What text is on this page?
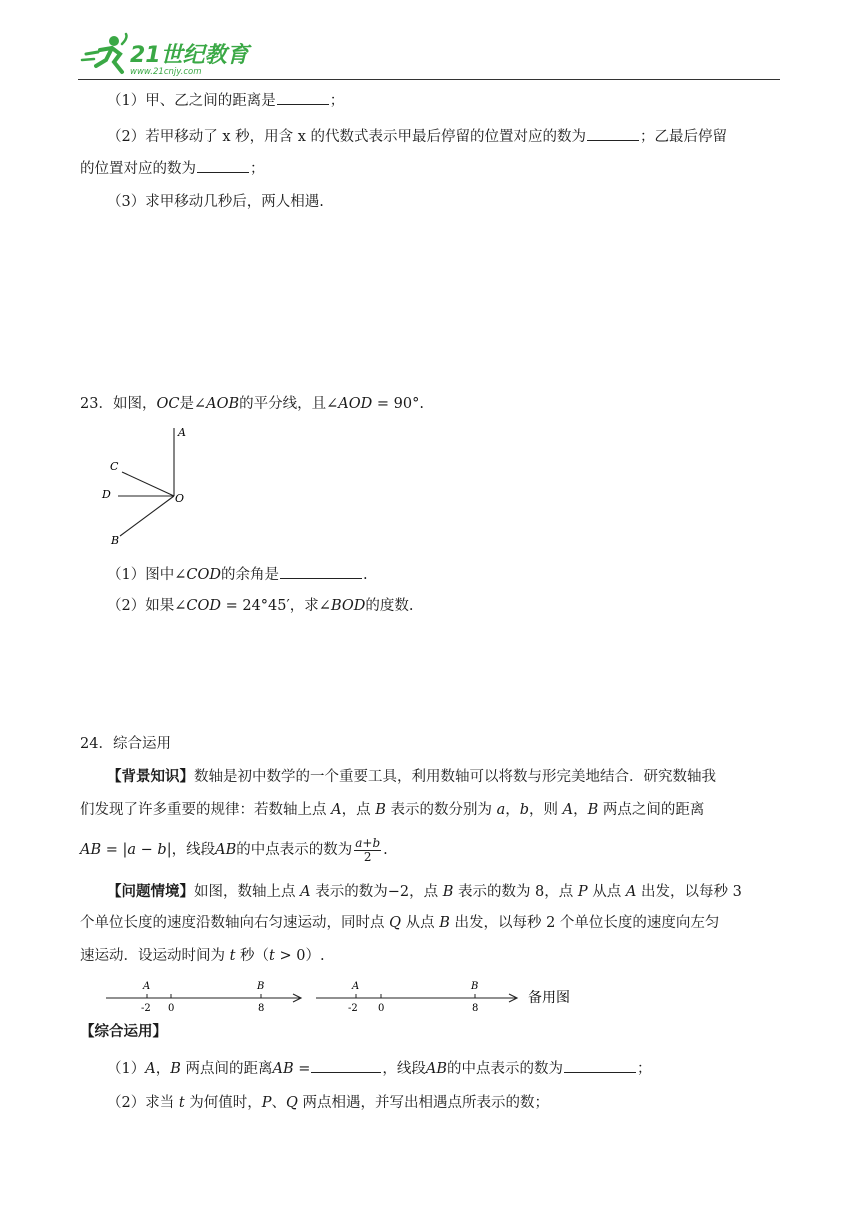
21世纪教育
www.21cnjy.com
（1）甲、乙之间的距离是	；
（2）若甲移动了 x 秒，用含 x 的代数式表示甲最后停留的位置对应的数为	；乙最后停留
的位置对应的数为	；
（3）求甲移动几秒后，两人相遇.
23．如图，OC是∠AOB的平分线，且∠AOD = 90°.
A
C
D	O
B
（1）图中∠COD的余角是	.
（2）如果∠COD = 24°45′，求∠BOD的度数.
24．综合运用
【背景知识】数轴是初中数学的一个重要工具，利用数轴可以将数与形完美地结合．研究数轴我
们发现了许多重要的规律：若数轴上点 A，点 B 表示的数分别为 a，b，则 A，B 两点之间的距离
AB = |a − b|，线段AB的中点表示的数为 $\frac{a+b}{2}$ .
【问题情境】如图，数轴上点 A 表示的数为−2，点 B 表示的数为 8，点 P 从点 A 出发，以每秒 3
个单位长度的速度沿数轴向右匀速运动，同时点 Q 从点 B 出发，以每秒 2 个单位长度的速度向左匀
速运动．设运动时间为 t 秒（t > 0）.
A	B
-2 0	8
A	B
-2 0	8
备用图
【综合运用】
（1）A，B 两点间的距离AB =	，线段AB的中点表示的数为	；
（2）求当 t 为何值时，P、Q 两点相遇，并写出相遇点所表示的数；
